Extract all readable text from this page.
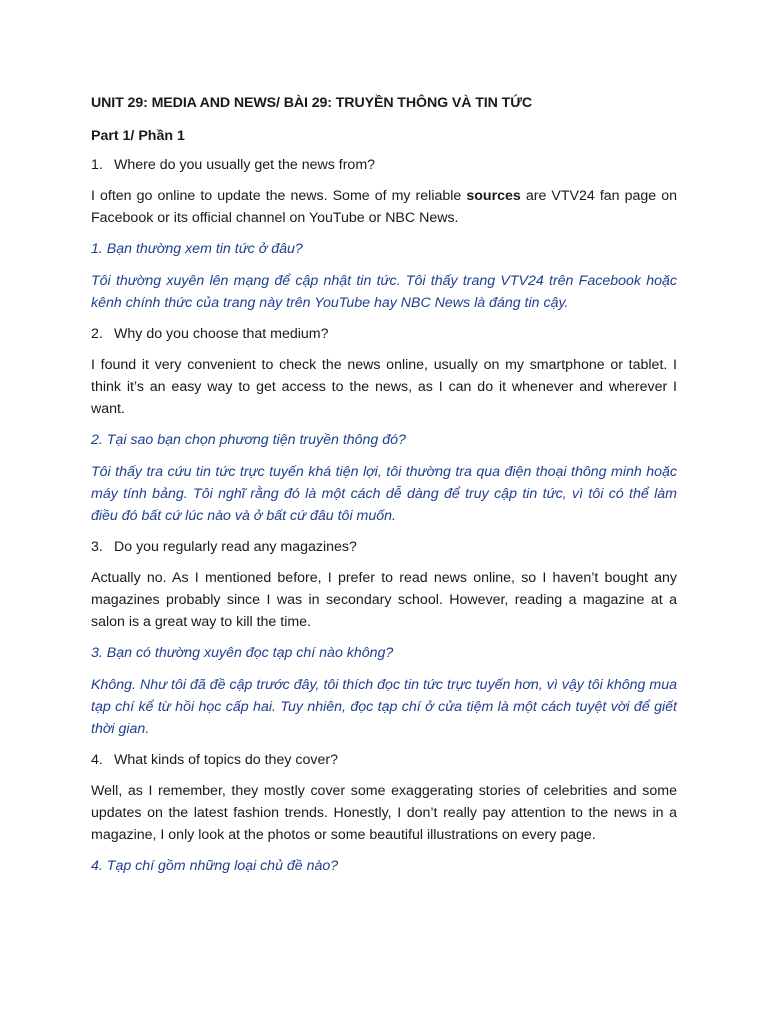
UNIT 29: MEDIA AND NEWS/ BÀI 29: TRUYỀN THÔNG VÀ TIN TỨC
Part 1/ Phần 1
1. Where do you usually get the news from?
I often go online to update the news. Some of my reliable sources are VTV24 fan page on Facebook or its official channel on YouTube or NBC News.
1. Bạn thường xem tin tức ở đâu?
Tôi thường xuyên lên mạng để cập nhật tin tức. Tôi thấy trang VTV24 trên Facebook hoặc kênh chính thức của trang này trên YouTube hay NBC News là đáng tin cậy.
2. Why do you choose that medium?
I found it very convenient to check the news online, usually on my smartphone or tablet. I think it’s an easy way to get access to the news, as I can do it whenever and wherever I want.
2. Tại sao bạn chọn phương tiện truyền thông đó?
Tôi thấy tra cứu tin tức trực tuyến khá tiện lợi, tôi thường tra qua điện thoại thông minh hoặc máy tính bảng. Tôi nghĩ rằng đó là một cách dễ dàng để truy cập tin tức, vì tôi có thể làm điều đó bất cứ lúc nào và ở bất cứ đâu tôi muốn.
3. Do you regularly read any magazines?
Actually no. As I mentioned before, I prefer to read news online, so I haven’t bought any magazines probably since I was in secondary school. However, reading a magazine at a salon is a great way to kill the time.
3. Bạn có thường xuyên đọc tạp chí nào không?
Không. Như tôi đã đề cập trước đây, tôi thích đọc tin tức trực tuyến hơn, vì vậy tôi không mua tạp chí kể từ hồi học cấp hai. Tuy nhiên, đọc tạp chí ở cửa tiệm là một cách tuyệt vời để giết thời gian.
4. What kinds of topics do they cover?
Well, as I remember, they mostly cover some exaggerating stories of celebrities and some updates on the latest fashion trends. Honestly, I don’t really pay attention to the news in a magazine, I only look at the photos or some beautiful illustrations on every page.
4. Tạp chí gồm những loại chủ đề nào?
